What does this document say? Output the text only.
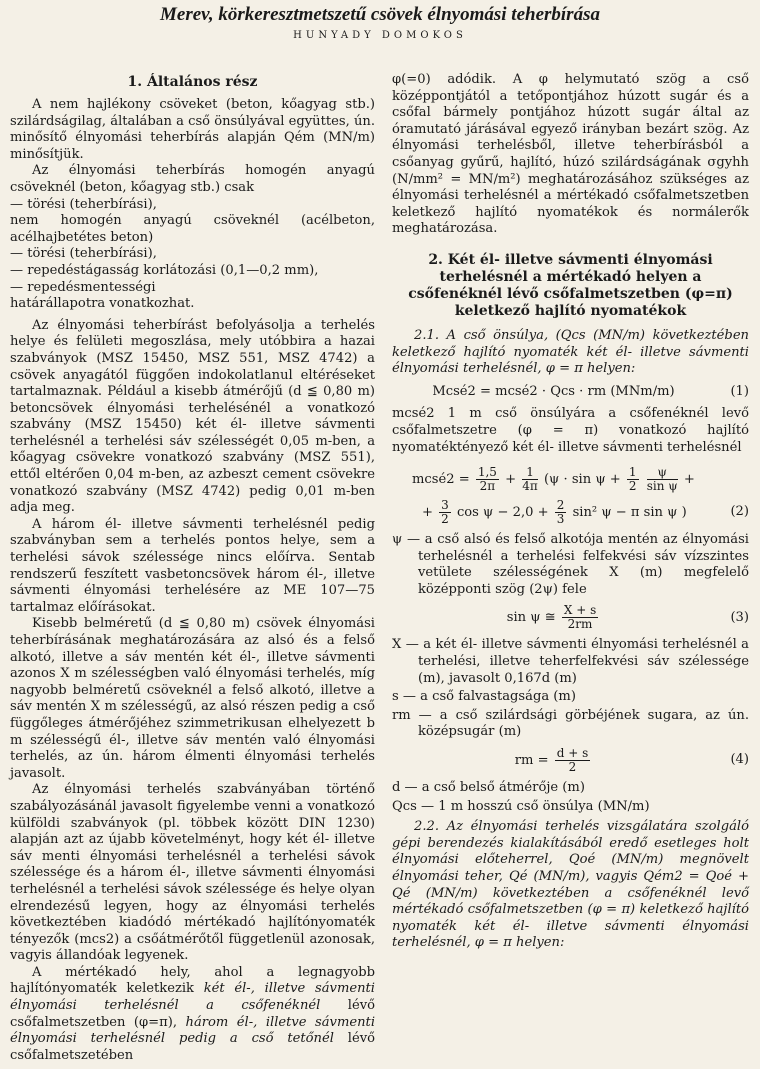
Merev, körkeresztmetszetű csövek élnyomási teherbírása

HUNYADY DOMOKOS

1. Általános rész

A nem hajlékony csöveket (beton, kőagyag stb.) szilárdságilag, általában a cső önsúlyával együttes, ún. minősítő élnyomási teherbírás alapján Qém (MN/m) minősítjük.

Az élnyomási teherbírás homogén anyagú csöveknél (beton, kőagyag stb.) csak

— törési (teherbírási),

nem homogén anyagú csöveknél (acélbeton, acélhajbetétes beton)

— törési (teherbírási),

— repedéstágasság korlátozási (0,1—0,2 mm),

— repedésmentességi

határállapotra vonatkozhat.

Az élnyomási teherbírást befolyásolja a terhelés helye és felületi megoszlása, mely utóbbira a hazai szabványok (MSZ 15450, MSZ 551, MSZ 4742) a csövek anyagától függően indokolatlanul eltéréseket tartalmaznak. Például a kisebb átmérőjű (d ≦ 0,80 m) betoncsövek élnyomási terhelésénél a vonatkozó szabvány (MSZ 15450) két él- illetve sávmenti terhelésnél a terhelési sáv szélességét 0,05 m-ben, a kőagyag csövekre vonatkozó szabvány (MSZ 551), ettől eltérően 0,04 m-ben, az azbeszt cement csövekre vonatkozó szabvány (MSZ 4742) pedig 0,01 m-ben adja meg.

A három él- illetve sávmenti terhelésnél pedig szabványban sem a terhelés pontos helye, sem a terhelési sávok szélessége nincs előírva. Sentab rendszerű feszített vasbetoncsövek három él-, illetve sávmenti élnyomási terhelésére az ME 107—75 tartalmaz előírásokat.

Kisebb belméretű (d ≦ 0,80 m) csövek élnyomási teherbírásának meghatározására az alsó és a felső alkotó, illetve a sáv mentén két él-, illetve sávmenti azonos X m szélességben való élnyomási terhelés, míg nagyobb belméretű csöveknél a felső alkotó, illetve a sáv mentén X m szélességű, az alsó részen pedig a cső függőleges átmérőjéhez szimmetrikusan elhelyezett b m szélességű él-, illetve sáv mentén való élnyomási terhelés, az ún. három élmenti élnyomási terhelés javasolt.

Az élnyomási terhelés szabványában történő szabályozásánál javasolt figyelembe venni a vonatkozó külföldi szabványok (pl. többek között DIN 1230) alapján azt az újabb követelményt, hogy két él- illetve sáv menti élnyomási terhelésnél a terhelési sávok szélessége és a három él-, illetve sávmenti élnyomási terhelésnél a terhelési sávok szélessége és helye olyan elrendezésű legyen, hogy az élnyomási terhelés következtében kiadódó mértékadó hajlítónyomaték tényezők (mcs2) a csőátmérőtől függetlenül azonosak, vagyis állandóak legyenek.

A mértékadó hely, ahol a legnagyobb hajlítónyomaték keletkezik két él-, illetve sávmenti élnyomási terhelésnél a csőfenéknél lévő csőfalmetszetben (φ=π), három él-, illetve sávmenti élnyomási terhelésnél pedig a cső tetőnél lévő csőfalmetszetében

φ(=0) adódik. A φ helymutató szög a cső középpontjától a tetőpontjához húzott sugár és a csőfal bármely pontjához húzott sugár által az óramutató járásával egyező irányban bezárt szög. Az élnyomási terhelésből, illetve teherbírásból a csőanyag gyűrű, hajlító, húzó szilárdságának σgyhh (N/mm² = MN/m²) meghatározásához szükséges az élnyomási terhelésnél a mértékadó csőfalmetszetben keletkező hajlító nyomatékok és normálerők meghatározása.

2. Két él- illetve sávmenti élnyomási terhelésnél a mértékadó helyen a csőfenéknél lévő csőfalmetszetben (φ=π) keletkező hajlító nyomatékok

2.1. A cső önsúlya, (Qcs (MN/m) következtében keletkező hajlító nyomaték két él- illetve sávmenti élnyomási terhelésnél, φ = π helyen:

Mcsé2 = mcsé2 · Qcs · rm (MNm/m)	(1)

mcsé2 1 m cső önsúlyára a csőfenéknél levő csőfalmetszetre (φ = π) vonatkozó hajlító nyomatéktényező két él- illetve sávmenti terhelésnél

mcsé2 = $\frac{1,5}{2\pi} + \frac{1}{4\pi} (\psi \cdot \sin \psi + \frac{1}{2}$
$\frac{\psi}{\text{sin ψ}}$ +
+ $\frac{3}{2}$ $\cos \psi - 2,0 + \frac{2}{3} \sin^2$ ψ − π sin ψ )	(2)

ψ — a cső alsó és felső alkotója mentén az élnyomási terhelésnél a terhelési felfekvési sáv vízszintes vetülete szélességének X (m) megfelelő középponti szög (2ψ) fele

sin ψ ≅ $\frac{X + s}{2rm}$	(3)

X — a két él- illetve sávmenti élnyomási terhelésnél a terhelési, illetve teherfelfekvési sáv szélessége (m), javasolt 0,167d (m)

s — a cső falvastagsága (m)

rm — a cső szilárdsági görbéjének sugara, az ún. középsugár (m)

rm = $\frac{d + s}{2}$	(4)

d — a cső belső átmérője (m)

Qcs — 1 m hosszú cső önsúlya (MN/m)

2.2. Az élnyomási terhelés vizsgálatára szolgáló gépi berendezés kialakításából eredő esetleges holt élnyomási előteherrel, Qoé (MN/m) megnövelt élnyomási teher, Qé (MN/m), vagyis Qém2 = Qoé + Qé (MN/m) következtében a csőfenéknél levő mértékadó csőfalmetszetben (φ = π) keletkező hajlító nyomaték két él- illetve sávmenti élnyomási terhelésnél, φ = π helyen:
